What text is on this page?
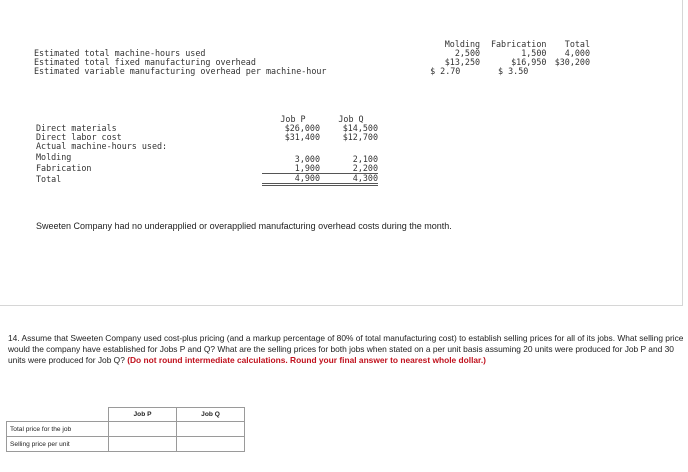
	Molding	Fabrication	Total
Estimated total machine-hours used	2,500	1,500	4,000
Estimated total fixed manufacturing overhead	$13,250	$16,950	$30,200
Estimated variable manufacturing overhead per machine-hour	$ 2.70	$ 3.50	
	Job P	Job Q
Direct materials	$26,000	$14,500
Direct labor cost	$31,400	$12,700
Actual machine-hours used:		
Molding	3,000	2,100
Fabrication	1,900	2,200
Total	4,900	4,300
Sweeten Company had no underapplied or overapplied manufacturing overhead costs during the month.
14. Assume that Sweeten Company used cost-plus pricing (and a markup percentage of 80% of total manufacturing cost) to establish selling prices for all of its jobs. What selling price would the company have established for Jobs P and Q? What are the selling prices for both jobs when stated on a per unit basis assuming 20 units were produced for Job P and 30 units were produced for Job Q? (Do not round intermediate calculations. Round your final answer to nearest whole dollar.)
	Job P	Job Q
Total price for the job		
Selling price per unit		
